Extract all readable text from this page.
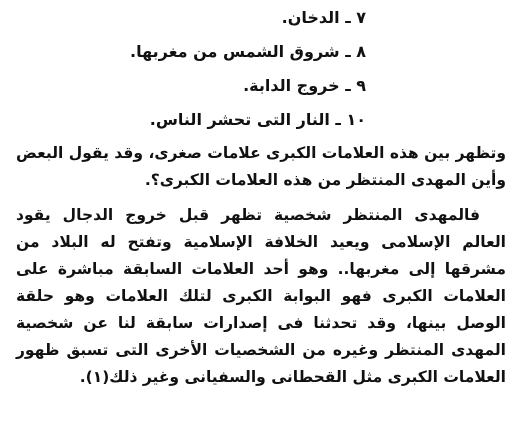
٧ ـ الدخان.
٨ ـ شروق الشمس من مغربها.
٩ ـ خروج الدابة.
١٠ ـ النار التى تحشر الناس.

وتظهر بين هذه العلامات الكبرى علامات صغرى، وقد يقول البعض وأين المهدى المنتظر من هذه العلامات الكبرى؟.

فالمهدى المنتظر شخصية تظهر قبل خروج الدجال يقود العالم الإسلامى ويعيد الخلافة الإسلامية وتفتح له البلاد من مشرقها إلى مغربها.. وهو أحد العلامات السابقة مباشرة على العلامات الكبرى فهو البوابة الكبرى لتلك العلامات وهو حلقة الوصل بينها، وقد تحدثنا فى إصدارات سابقة لنا عن شخصية المهدى المنتظر وغيره من الشخصيات الأخرى التى تسبق ظهور العلامات الكبرى مثل القحطانى والسفيانى وغير ذلك(١).
